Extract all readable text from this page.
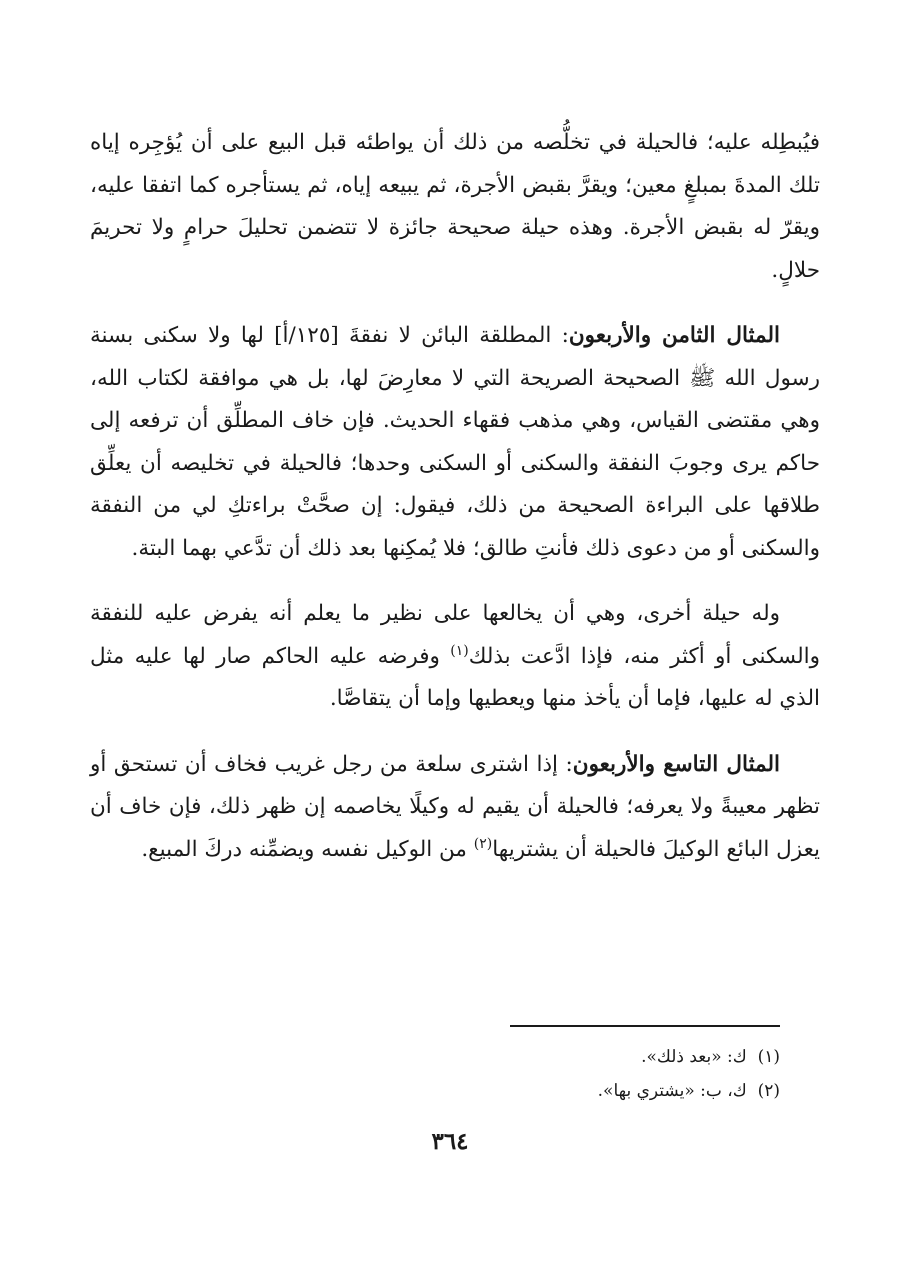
فيُبطِله عليه؛ فالحيلة في تخلُّصه من ذلك أن يواطئه قبل البيع على أن يُؤجِره إياه تلك المدةَ بمبلغٍ معين؛ ويقرَّ بقبض الأجرة، ثم يبيعه إياه، ثم يستأجره كما اتفقا عليه، ويقرّ له بقبض الأجرة. وهذه حيلة صحيحة جائزة لا تتضمن تحليلَ حرامٍ ولا تحريمَ حلالٍ.

المثال الثامن والأربعون: المطلقة البائن لا نفقةَ [١٢٥/أ] لها ولا سكنى بسنة رسول الله ﷺ الصحيحة الصريحة التي لا معارِضَ لها، بل هي موافقة لكتاب الله، وهي مقتضى القياس، وهي مذهب فقهاء الحديث. فإن خاف المطلِّق أن ترفعه إلى حاكم يرى وجوبَ النفقة والسكنى أو السكنى وحدها؛ فالحيلة في تخليصه أن يعلِّق طلاقها على البراءة الصحيحة من ذلك، فيقول: إن صحَّتْ براءتكِ لي من النفقة والسكنى أو من دعوى ذلك فأنتِ طالق؛ فلا يُمكِنها بعد ذلك أن تدَّعي بهما البتة.

وله حيلة أخرى، وهي أن يخالعها على نظير ما يعلم أنه يفرض عليه للنفقة والسكنى أو أكثر منه، فإذا ادَّعت بذلك$^{(١)}$ وفرضه عليه الحاكم صار لها عليه مثل الذي له عليها، فإما أن يأخذ منها ويعطيها وإما أن يتقاصَّا.

المثال التاسع والأربعون: إذا اشترى سلعة من رجل غريب فخاف أن تستحق أو تظهر معيبةً ولا يعرفه؛ فالحيلة أن يقيم له وكيلًا يخاصمه إن ظهر ذلك، فإن خاف أن يعزل البائع الوكيلَ فالحيلة أن يشتريها$^{(٢)}$ من الوكيل نفسه ويضمِّنه دركَ المبيع.

(١)  ك: «بعد ذلك».

(٢)  ك، ب: «يشتري بها».

٣٦٤
